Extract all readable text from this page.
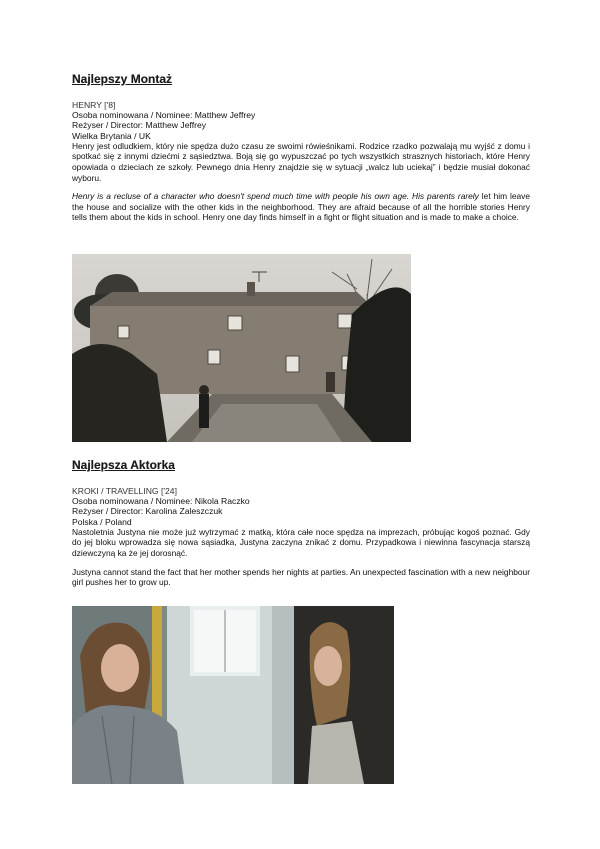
Najlepszy Montaż
HENRY ['8]
Osoba nominowana / Nominee: Matthew Jeffrey
Reżyser / Director: Matthew Jeffrey
Wielka Brytania / UK

Henry jest odludkiem, który nie spędza dużo czasu ze swoimi rówieśnikami. Rodzice rzadko pozwalają mu wyjść z domu i spotkać się z innymi dziećmi z sąsiedztwa. Boją się go wypuszczać po tych wszystkich strasznych historiach, które Henry opowiada o dzieciach ze szkoły. Pewnego dnia Henry znajdzie się w sytuacji „walcz lub uciekaj” i będzie musiał dokonać wyboru.

Henry is a recluse of a character who doesn't spend much time with people his own age. His parents rarely let him leave the house and socialize with the other kids in the neighborhood. They are afraid because of all the horrible stories Henry tells them about the kids in school. Henry one day finds himself in a fight or flight situation and is made to make a choice.

Najlepsza Aktorka
KROKI / TRAVELLING ['24]
Osoba nominowana / Nominee: Nikola Raczko
Reżyser / Director: Karolina Zaleszczuk
Polska / Poland

Nastoletnia Justyna nie może już wytrzymać z matką, która całe noce spędza na imprezach, próbując kogoś poznać. Gdy do jej bloku wprowadza się nowa sąsiadka, Justyna zaczyna znikać z domu. Przypadkowa i niewinna fascynacja starszą dziewczyną ka że jej dorosnąć.

Justyna cannot stand the fact that her mother spends her nights at parties. An unexpected fascination with a new neighbour girl pushes her to grow up.
